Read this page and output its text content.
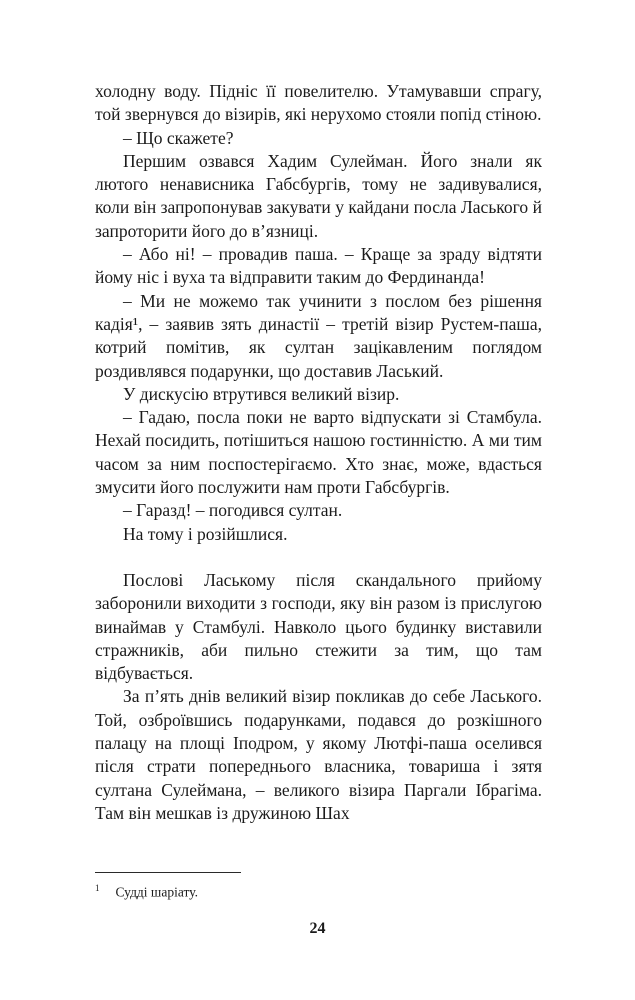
холодну воду. Підніс її повелителю. Утамувавши спрагу, той звернувся до візирів, які нерухомо стояли попід стіною.

– Що скажете?

Першим озвався Хадим Сулейман. Його знали як лютого ненависника Габсбургів, тому не задивувалися, коли він запропонував закувати у кайдани посла Ласького й запроторити його до в’язниці.

– Або ні! – провадив паша. – Краще за зраду відтяти йому ніс і вуха та відправити таким до Фердинанда!

– Ми не можемо так учинити з послом без рішення кадія¹, – заявив зять династії – третій візир Рустем-паша, котрий помітив, як султан зацікавленим поглядом роздивлявся подарунки, що доставив Ласький.

У дискусію втрутився великий візир.

– Гадаю, посла поки не варто відпускати зі Стамбула. Нехай посидить, потішиться нашою гостинністю. А ми тим часом за ним поспостерігаємо. Хто знає, може, вдасться змусити його послужити нам проти Габсбургів.

– Гаразд! – погодився султан.

На тому і розійшлися.

Послові Лаському після скандального прийому заборонили виходити з господи, яку він разом із прислугою винаймав у Стамбулі. Навколо цього будинку виставили стражників, аби пильно стежити за тим, що там відбувається.

За п’ять днів великий візир покликав до себе Ласького. Той, озброївшись подарунками, подався до розкішного палацу на площі Іподром, у якому Лютфі-паша оселився після страти попереднього власника, товариша і зятя султана Сулеймана, – великого візира Паргали Ібрагіма. Там він мешкав із дружиною Шах

$^1$ Судді шаріату.

24
